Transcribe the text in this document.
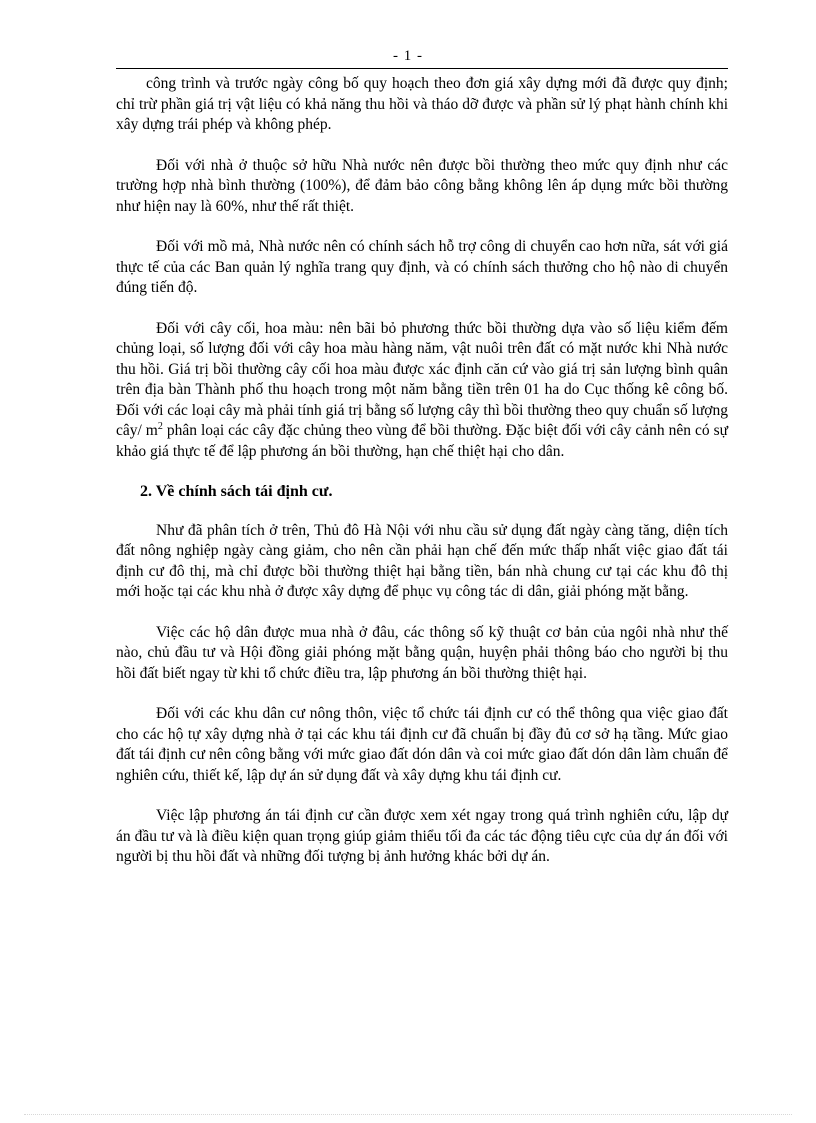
- 1 -

công trình và trước ngày công bố quy hoạch theo đơn giá xây dựng mới đã được quy định; chỉ trừ phần giá trị vật liệu có khả năng thu hồi và tháo dỡ được và phần sử lý phạt hành chính khi xây dựng trái phép và không phép.

Đối với nhà ở thuộc sở hữu Nhà nước nên được bồi thường theo mức quy định như các trường hợp nhà bình thường (100%), để đảm bảo công bằng không lên áp dụng mức bồi thường như hiện nay là 60%, như thế rất thiệt.

Đối với mồ mả, Nhà nước nên có chính sách hỗ trợ công di chuyển cao hơn nữa, sát với giá thực tế của các Ban quản lý nghĩa trang quy định, và có chính sách thưởng cho hộ nào di chuyển đúng tiến độ.

Đối với cây cối, hoa màu: nên bãi bỏ phương thức bồi thường dựa vào số liệu kiểm đếm chủng loại, số lượng đối với cây hoa màu hàng năm, vật nuôi trên đất có mặt nước khi Nhà nước thu hồi. Giá trị bồi thường cây cối hoa màu được xác định căn cứ vào giá trị sản lượng bình quân trên địa bàn Thành phố thu hoạch trong một năm bằng tiền trên 01 ha do Cục thống kê công bố. Đối với các loại cây mà phải tính giá trị bằng số lượng cây thì bồi thường theo quy chuẩn số lượng cây/ $m^2$ phân loại các cây đặc chủng theo vùng để bồi thường. Đặc biệt đối với cây cảnh nên có sự khảo giá thực tế để lập phương án bồi thường, hạn chế thiệt hại cho dân.

2. Về chính sách tái định cư.

Như đã phân tích ở trên, Thủ đô Hà Nội với nhu cầu sử dụng đất ngày càng tăng, diện tích đất nông nghiệp ngày càng giảm, cho nên cần phải hạn chế đến mức thấp nhất việc giao đất tái định cư đô thị, mà chỉ được bồi thường thiệt hại bằng tiền, bán nhà chung cư tại các khu đô thị mới hoặc tại các khu nhà ở được xây dựng để phục vụ công tác di dân, giải phóng mặt bằng.

Việc các hộ dân được mua nhà ở đâu, các thông số kỹ thuật cơ bản của ngôi nhà như thế nào, chủ đầu tư và Hội đồng giải phóng mặt bằng quận, huyện phải thông báo cho người bị thu hồi đất biết ngay từ khi tổ chức điều tra, lập phương án bồi thường thiệt hại.

Đối với các khu dân cư nông thôn, việc tổ chức tái định cư có thể thông qua việc giao đất cho các hộ tự xây dựng nhà ở tại các khu tái định cư đã chuẩn bị đầy đủ cơ sở hạ tầng. Mức giao đất tái định cư nên công bằng với mức giao đất dón dân và coi mức giao đất dón dân làm chuẩn để nghiên cứu, thiết kế, lập dự án sử dụng đất và xây dựng khu tái định cư.

Việc lập phương án tái định cư cần được xem xét ngay trong quá trình nghiên cứu, lập dự án đầu tư và là điều kiện quan trọng giúp giảm thiểu tối đa các tác động tiêu cực của dự án đối với người bị thu hồi đất và những đối tượng bị ảnh hưởng khác bởi dự án.
